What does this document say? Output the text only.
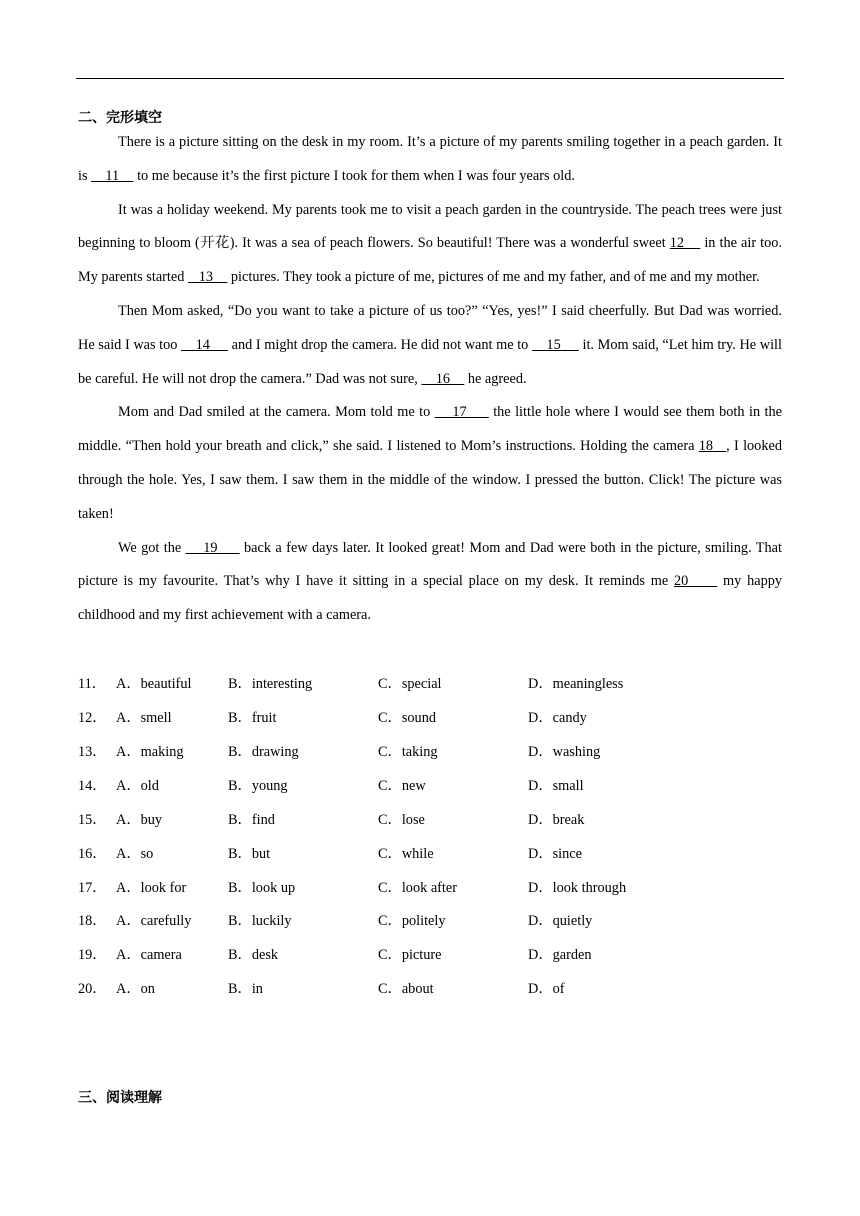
二、完形填空

There is a picture sitting on the desk in my room. It’s a picture of my parents smiling together in a peach garden. It is     11     to me because it’s the first picture I took for them when I was four years old.

It was a holiday weekend. My parents took me to visit a peach garden in the countryside. The peach trees were just beginning to bloom (开花). It was a sea of peach flowers. So beautiful! There was a wonderful sweet 12     in the air too. My parents started    13     pictures. They took a picture of me, pictures of me and my father, and of me and my mother.

Then Mom asked, “Do you want to take a picture of us too?” “Yes, yes!” I said cheerfully. But Dad was worried. He said I was too     14      and I might drop the camera. He did not want me to     15      it. Mom said, “Let him try. He will be careful. He will not drop the camera.” Dad was not sure,     16     he agreed.

Mom and Dad smiled at the camera. Mom told me to     17      the little hole where I would see them both in the middle. “Then hold your breath and click,” she said. I listened to Mom’s instructions. Holding the camera 18   , I looked through the hole. Yes, I saw them. I saw them in the middle of the window. I pressed the button. Click! The picture was taken!

We got the     19      back a few days later. It looked great! Mom and Dad were both in the picture, smiling. That picture is my favourite. That’s why I have it sitting in a special place on my desk. It reminds me 20      my happy childhood and my first achievement with a camera.

11． A．beautiful	B．interesting	C．special	D．meaningless
12． A．smell	B．fruit	C．sound	D．candy
13． A．making	B．drawing	C．taking	D．washing
14． A．old	B．young	C．new	D．small
15． A．buy	B．find	C．lose	D．break
16． A．so	B．but	C．while	D．since
17． A．look for	B．look up	C．look after	D．look through
18． A．carefully	B．luckily	C．politely	D．quietly
19． A．camera	B．desk	C．picture	D．garden
20． A．on	B．in	C．about	D．of
三、阅读理解
